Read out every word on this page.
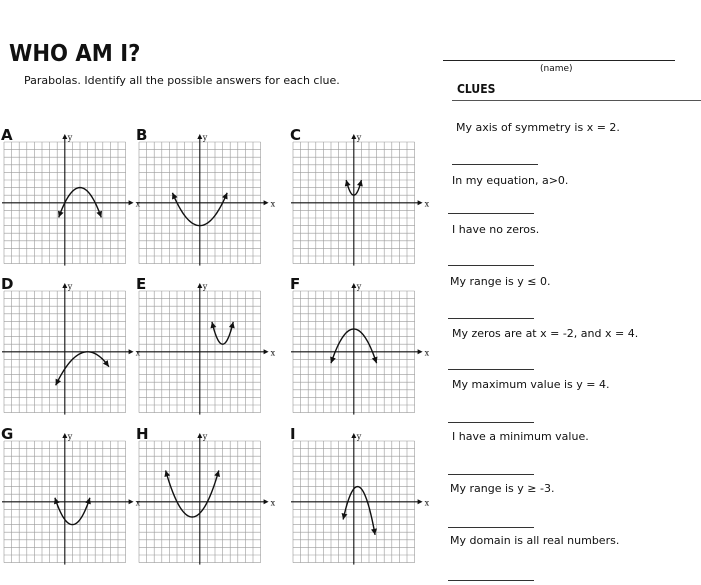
WHO AM I?
Parabolas. Identify all the possible answers for each clue.
(name)
CLUES
x
y
A
x
y
B
x
y
C
x
y
D
x
y
E
x
y
F
x
y
G
x
y
H
x
y
I
My axis of symmetry is x = 2.
In my equation, a>0.
I have no zeros.
My range is y ≤ 0.
My zeros are at x = -2, and x = 4.
My maximum value is y = 4.
I have a minimum value.
My range is y ≥ -3.
My domain is all real numbers.
